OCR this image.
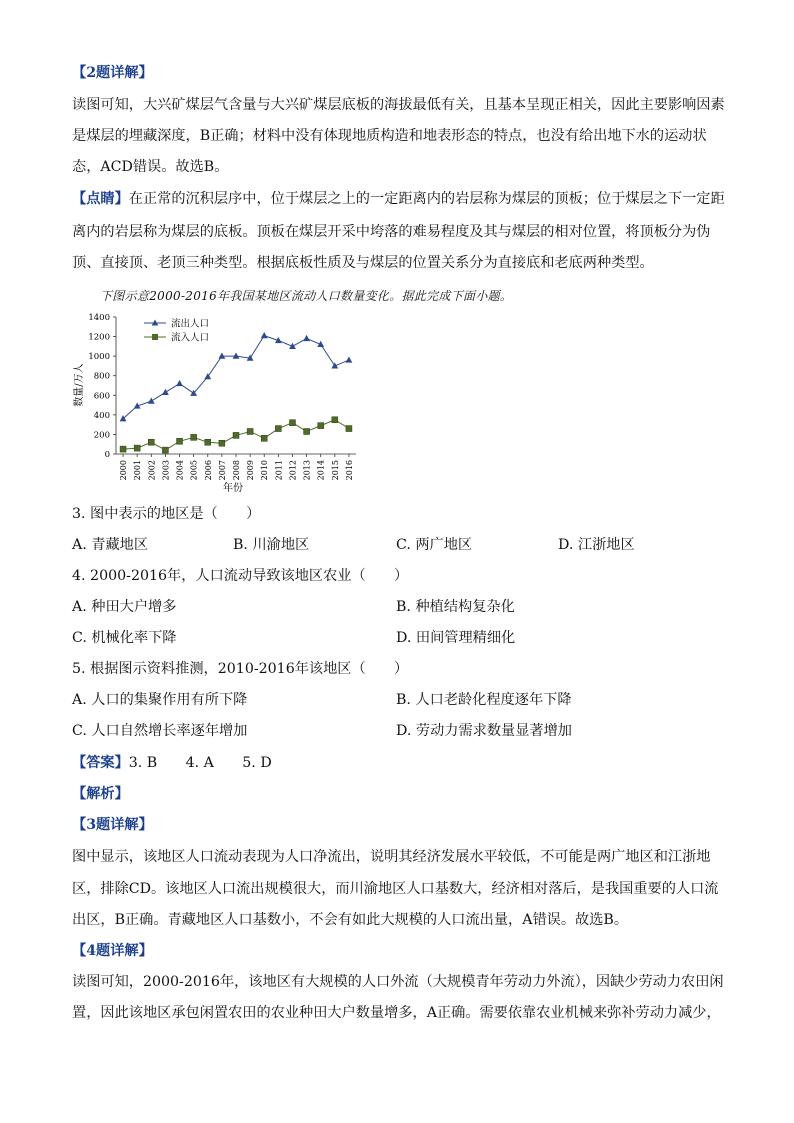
【2题详解】
读图可知，大兴矿煤层气含量与大兴矿煤层底板的海拔最低有关，且基本呈现正相关，因此主要影响因素
是煤层的埋藏深度，B正确；材料中没有体现地质构造和地表形态的特点，也没有给出地下水的运动状
态，ACD错误。故选B。
【点睛】在正常的沉积层序中，位于煤层之上的一定距离内的岩层称为煤层的顶板；位于煤层之下一定距
离内的岩层称为煤层的底板。顶板在煤层开采中垮落的难易程度及其与煤层的相对位置，将顶板分为伪
顶、直接顶、老顶三种类型。根据底板性质及与煤层的位置关系分为直接底和老底两种类型。
下图示意2000-2016年我国某地区流动人口数量变化。据此完成下面小题。
0
200
400
600
800
1000
1200
1400
2000 2001 2002 2003 2004 2005 2006 2007 2008 2009 2010 2011 2012 2013 2014 2015 2016
流出人口
流入人口
数量/万人
年份
3. 图中表示的地区是（　　）
A. 青藏地区	B. 川渝地区	C. 两广地区	D. 江浙地区
4. 2000-2016年，人口流动导致该地区农业（　　）
A. 种田大户增多	B. 种植结构复杂化
C. 机械化率下降	D. 田间管理精细化
5. 根据图示资料推测，2010-2016年该地区（　　）
A. 人口的集聚作用有所下降	B. 人口老龄化程度逐年下降
C. 人口自然增长率逐年增加	D. 劳动力需求数量显著增加
【答案】3. B　　4. A　　5. D
【解析】
【3题详解】
图中显示，该地区人口流动表现为人口净流出，说明其经济发展水平较低，不可能是两广地区和江浙地
区，排除CD。该地区人口流出规模很大，而川渝地区人口基数大，经济相对落后，是我国重要的人口流
出区，B正确。青藏地区人口基数小，不会有如此大规模的人口流出量，A错误。故选B。
【4题详解】
读图可知，2000-2016年，该地区有大规模的人口外流（大规模青年劳动力外流），因缺少劳动力农田闲
置，因此该地区承包闲置农田的农业种田大户数量增多，A正确。需要依靠农业机械来弥补劳动力减少，
